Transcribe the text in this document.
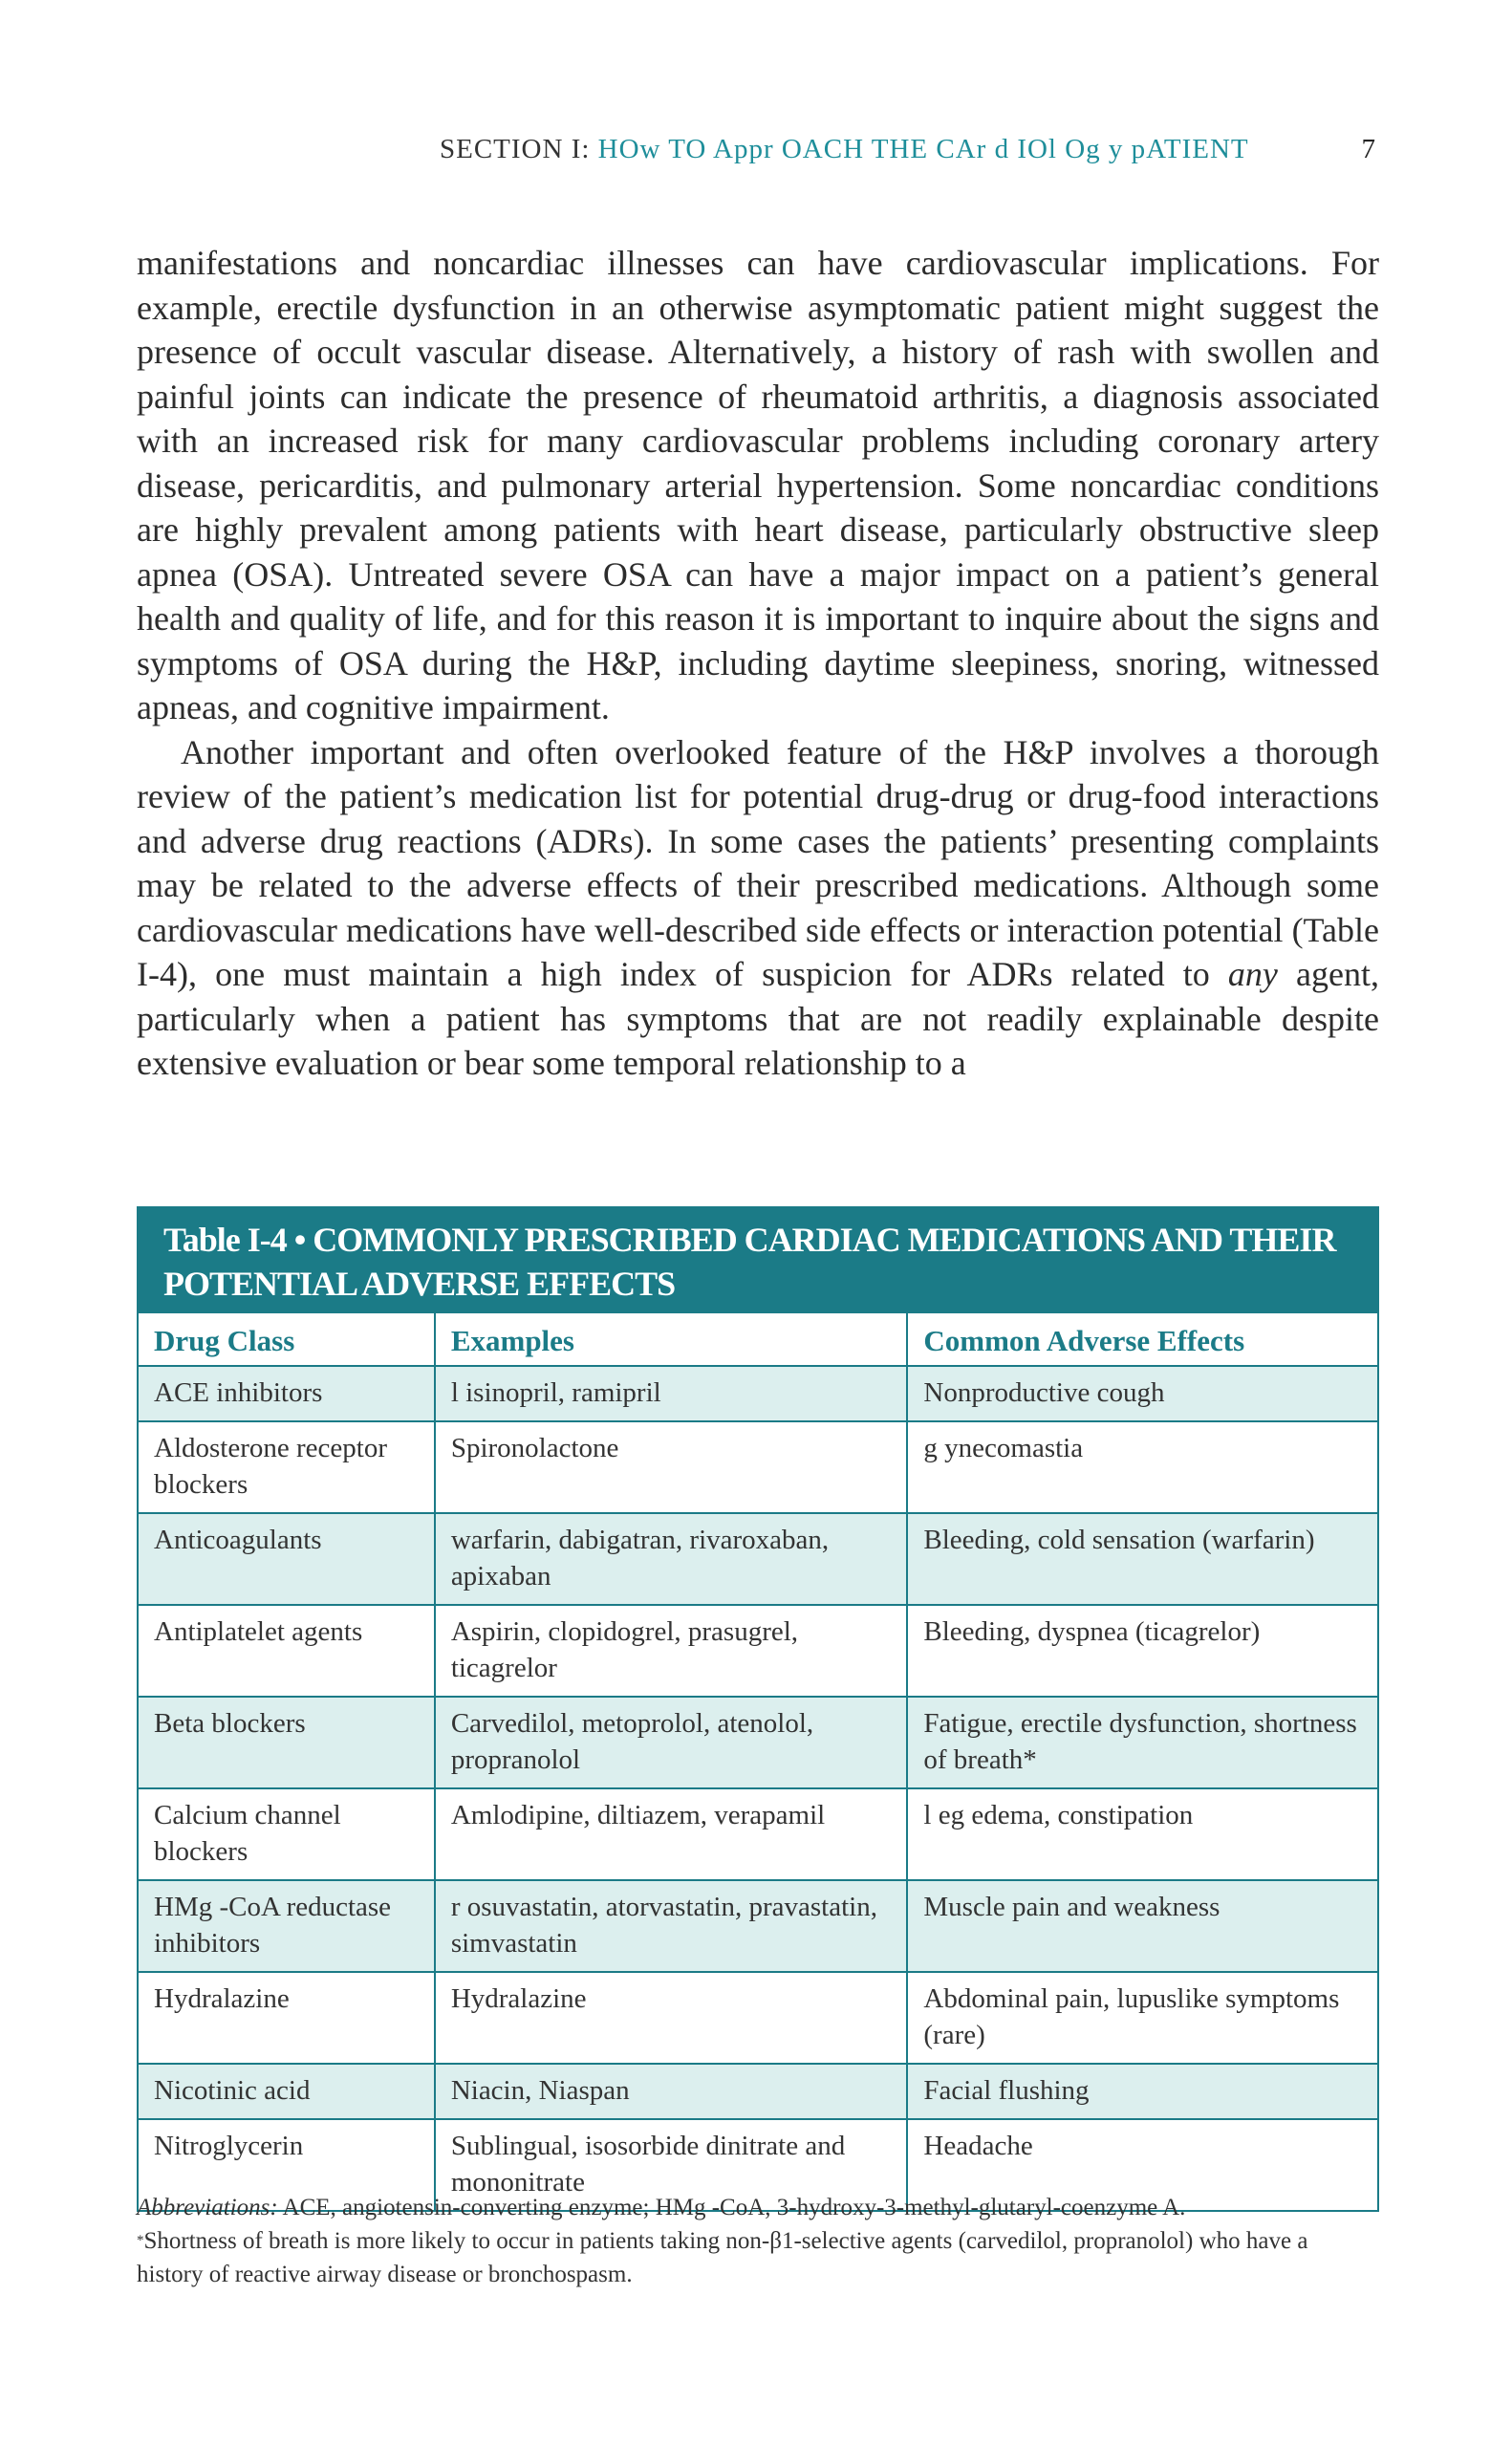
SECTION I: HOw TO Appr OACH THE CAr d IOl Og y pATIENT	7

manifestations and noncardiac illnesses can have cardiovascular implications. For example, erectile dysfunction in an otherwise asymptomatic patient might suggest the presence of occult vascular disease. Alternatively, a history of rash with swollen and painful joints can indicate the presence of rheumatoid arthritis, a diagnosis associated with an increased risk for many cardiovascular problems including coronary artery disease, pericarditis, and pulmonary arterial hypertension. Some noncardiac conditions are highly prevalent among patients with heart disease, particularly obstructive sleep apnea (OSA). Untreated severe OSA can have a major impact on a patient’s general health and quality of life, and for this reason it is important to inquire about the signs and symptoms of OSA during the H&P, including daytime sleepiness, snoring, witnessed apneas, and cognitive impairment.

Another important and often overlooked feature of the H&P involves a thorough review of the patient’s medication list for potential drug-drug or drug-food interactions and adverse drug reactions (ADRs). In some cases the patients’ presenting complaints may be related to the adverse effects of their prescribed medications. Although some cardiovascular medications have well-described side effects or interaction potential (Table I-4), one must maintain a high index of suspicion for ADRs related to any agent, particularly when a patient has symptoms that are not readily explainable despite extensive evaluation or bear some temporal relationship to a

Table I-4 • COMMONLY PRESCRIBED CARDIAC MEDICATIONS AND THEIR POTENTIAL ADVERSE EFFECTS		
Drug Class	Examples	Common Adverse Effects
ACE inhibitors	l isinopril, ramipril	Nonproductive cough
Aldosterone receptor blockers	Spironolactone	g ynecomastia
Anticoagulants	warfarin, dabigatran, rivaroxaban, apixaban	Bleeding, cold sensation (warfarin)
Antiplatelet agents	Aspirin, clopidogrel, prasugrel, ticagrelor	Bleeding, dyspnea (ticagrelor)
Beta blockers	Carvedilol, metoprolol, atenolol, propranolol	Fatigue, erectile dysfunction, shortness of breath*
Calcium channel blockers	Amlodipine, diltiazem, verapamil	l eg edema, constipation
HMg -CoA reductase inhibitors	r osuvastatin, atorvastatin, pravastatin, simvastatin	Muscle pain and weakness
Hydralazine	Hydralazine	Abdominal pain, lupuslike symptoms (rare)
Nicotinic acid	Niacin, Niaspan	Facial flushing
Nitroglycerin	Sublingual, isosorbide dinitrate and mononitrate	Headache

Abbreviations: ACE, angiotensin-converting enzyme; HMg -CoA, 3-hydroxy-3-methyl-glutaryl-coenzyme A.

*Shortness of breath is more likely to occur in patients taking non-β1-selective agents (carvedilol, propranolol) who have a history of reactive airway disease or bronchospasm.
